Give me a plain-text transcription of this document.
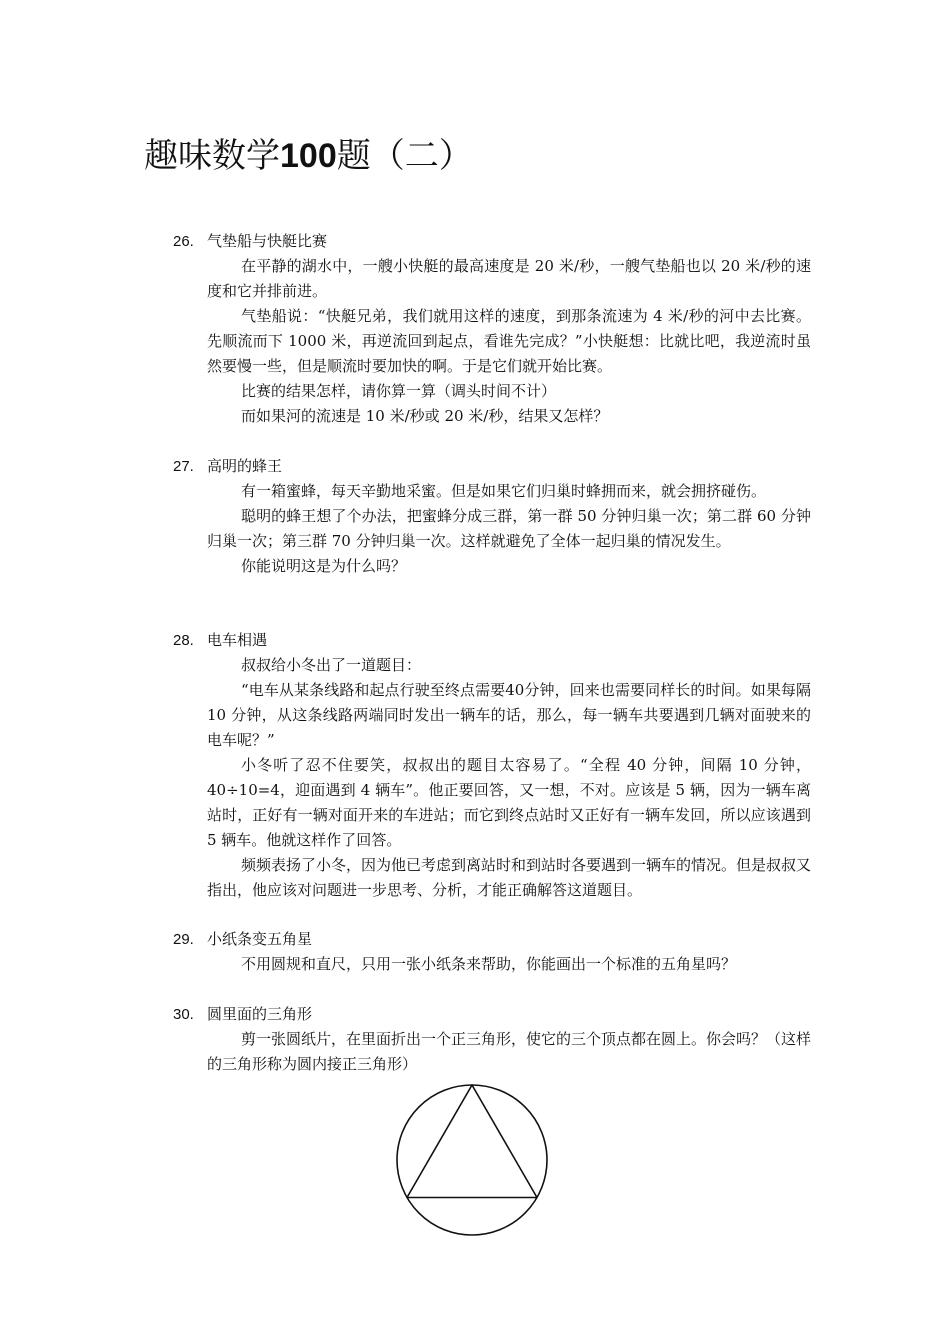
趣味数学100题（二）
26. 气垫船与快艇比赛

在平静的湖水中，一艘小快艇的最高速度是 20 米/秒，一艘气垫船也以 20 米/秒的速度和它并排前进。

气垫船说：“快艇兄弟，我们就用这样的速度，到那条流速为 4 米/秒的河中去比赛。先顺流而下 1000 米，再逆流回到起点，看谁先完成？”小快艇想：比就比吧，我逆流时虽然要慢一些，但是顺流时要加快的啊。于是它们就开始比赛。

比赛的结果怎样，请你算一算（调头时间不计）

而如果河的流速是 10 米/秒或 20 米/秒，结果又怎样？

27. 高明的蜂王

有一箱蜜蜂，每天辛勤地采蜜。但是如果它们归巢时蜂拥而来，就会拥挤碰伤。

聪明的蜂王想了个办法，把蜜蜂分成三群，第一群 50 分钟归巢一次；第二群 60 分钟归巢一次；第三群 70 分钟归巢一次。这样就避免了全体一起归巢的情况发生。

你能说明这是为什么吗？

28. 电车相遇

叔叔给小冬出了一道题目：

“电车从某条线路和起点行驶至终点需要40分钟，回来也需要同样长的时间。如果每隔 10 分钟，从这条线路两端同时发出一辆车的话，那么，每一辆车共要遇到几辆对面驶来的电车呢？”

小冬听了忍不住要笑，叔叔出的题目太容易了。“全程 40 分钟，间隔 10 分钟，40÷10=4，迎面遇到 4 辆车”。他正要回答，又一想，不对。应该是 5 辆，因为一辆车离站时，正好有一辆对面开来的车进站；而它到终点站时又正好有一辆车发回，所以应该遇到 5 辆车。他就这样作了回答。

频频表扬了小冬，因为他已考虑到离站时和到站时各要遇到一辆车的情况。但是叔叔又指出，他应该对问题进一步思考、分析，才能正确解答这道题目。

29. 小纸条变五角星

不用圆规和直尺，只用一张小纸条来帮助，你能画出一个标准的五角星吗？

30. 圆里面的三角形

剪一张圆纸片，在里面折出一个正三角形，使它的三个顶点都在圆上。你会吗？（这样的三角形称为圆内接正三角形）
